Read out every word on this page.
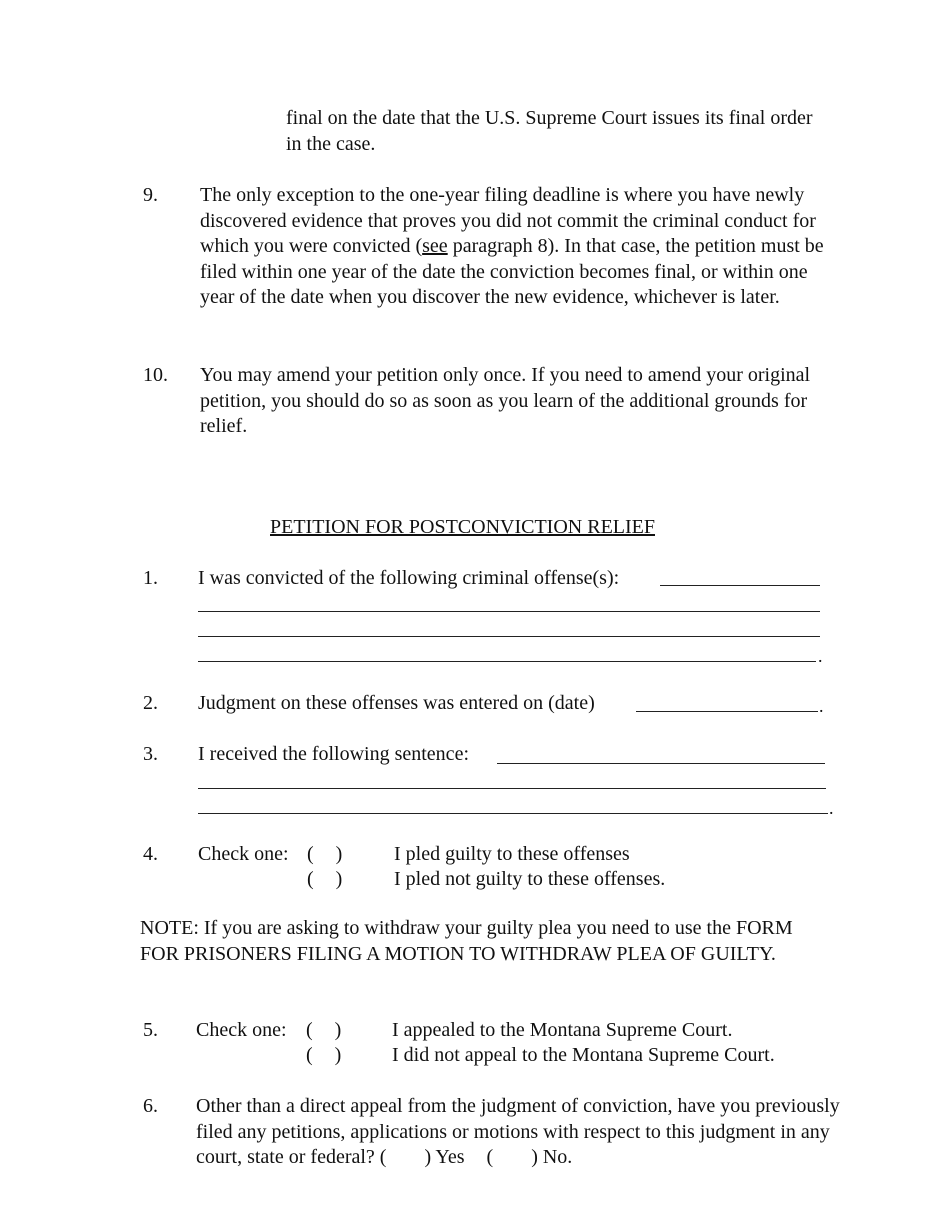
final on the date that the U.S. Supreme Court issues its final order in the case.
9. The only exception to the one-year filing deadline is where you have newly discovered evidence that proves you did not commit the criminal conduct for which you were convicted (see paragraph 8). In that case, the petition must be filed within one year of the date the conviction becomes final, or within one year of the date when you discover the new evidence, whichever is later.
10. You may amend your petition only once. If you need to amend your original petition, you should do so as soon as you learn of the additional grounds for relief.
PETITION FOR POSTCONVICTION RELIEF
1. I was convicted of the following criminal offense(s):
.
2. Judgment on these offenses was entered on (date)	.
3. I received the following sentence:
.
4. Check one: ( )	I pled guilty to these offenses
( )	I pled not guilty to these offenses.
NOTE: If you are asking to withdraw your guilty plea you need to use the FORM FOR PRISONERS FILING A MOTION TO WITHDRAW PLEA OF GUILTY.
5. Check one: ( )	I appealed to the Montana Supreme Court.
( )	I did not appeal to the Montana Supreme Court.
6. Other than a direct appeal from the judgment of conviction, have you previously filed any petitions, applications or motions with respect to this judgment in any court, state or federal? ( ) Yes ( ) No.
